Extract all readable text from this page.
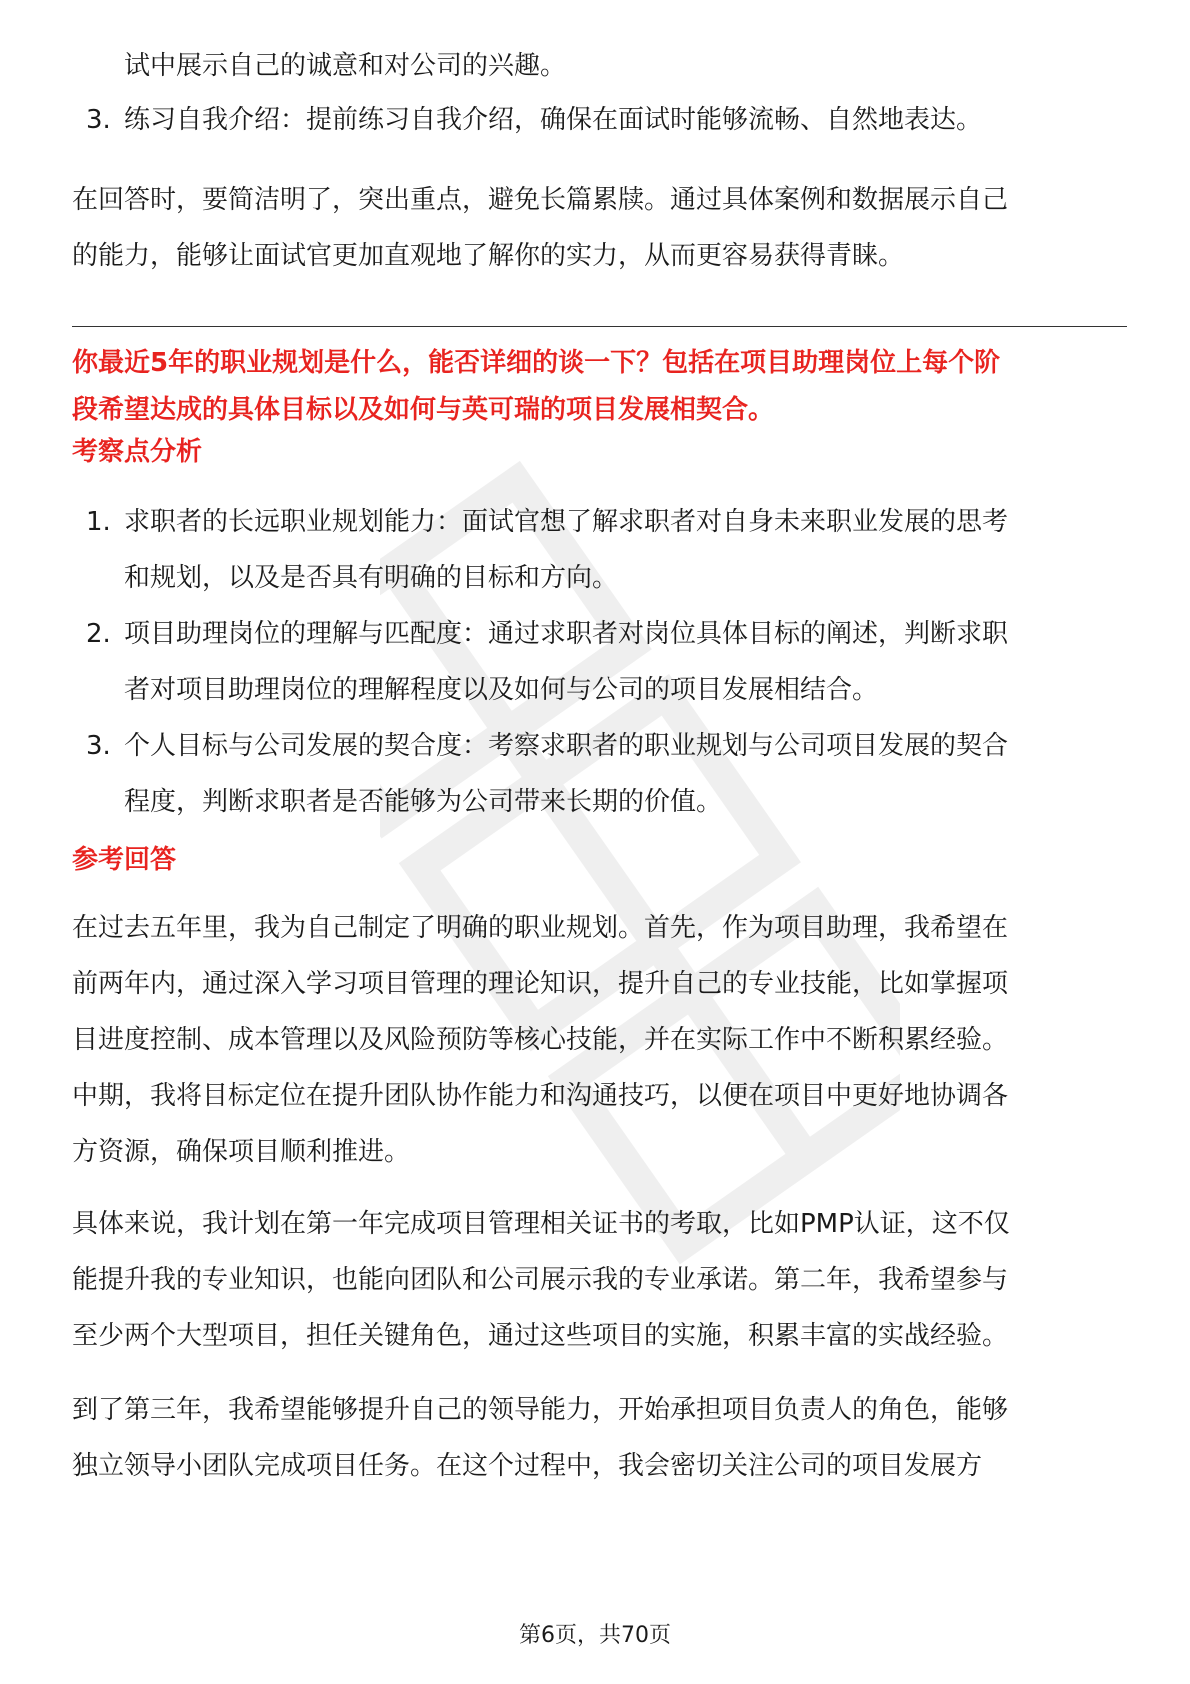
试中展示自己的诚意和对公司的兴趣。

3. 练习自我介绍：提前练习自我介绍，确保在面试时能够流畅、自然地表达。

在回答时，要简洁明了，突出重点，避免长篇累牍。通过具体案例和数据展示自己

的能力，能够让面试官更加直观地了解你的实力，从而更容易获得青睐。

你最近5年的职业规划是什么，能否详细的谈一下？包括在项目助理岗位上每个阶

段希望达成的具体目标以及如何与英可瑞的项目发展相契合。

考察点分析

1. 求职者的长远职业规划能力：面试官想了解求职者对自身未来职业发展的思考
和规划，以及是否具有明确的目标和方向。
2. 项目助理岗位的理解与匹配度：通过求职者对岗位具体目标的阐述，判断求职
者对项目助理岗位的理解程度以及如何与公司的项目发展相结合。
3. 个人目标与公司发展的契合度：考察求职者的职业规划与公司项目发展的契合
程度，判断求职者是否能够为公司带来长期的价值。

参考回答

在过去五年里，我为自己制定了明确的职业规划。首先，作为项目助理，我希望在

前两年内，通过深入学习项目管理的理论知识，提升自己的专业技能，比如掌握项

目进度控制、成本管理以及风险预防等核心技能，并在实际工作中不断积累经验。

中期，我将目标定位在提升团队协作能力和沟通技巧，以便在项目中更好地协调各

方资源，确保项目顺利推进。

具体来说，我计划在第一年完成项目管理相关证书的考取，比如PMP认证，这不仅

能提升我的专业知识，也能向团队和公司展示我的专业承诺。第二年，我希望参与

至少两个大型项目，担任关键角色，通过这些项目的实施，积累丰富的实战经验。

到了第三年，我希望能够提升自己的领导能力，开始承担项目负责人的角色，能够

独立领导小团队完成项目任务。在这个过程中，我会密切关注公司的项目发展方

第6页，共70页
